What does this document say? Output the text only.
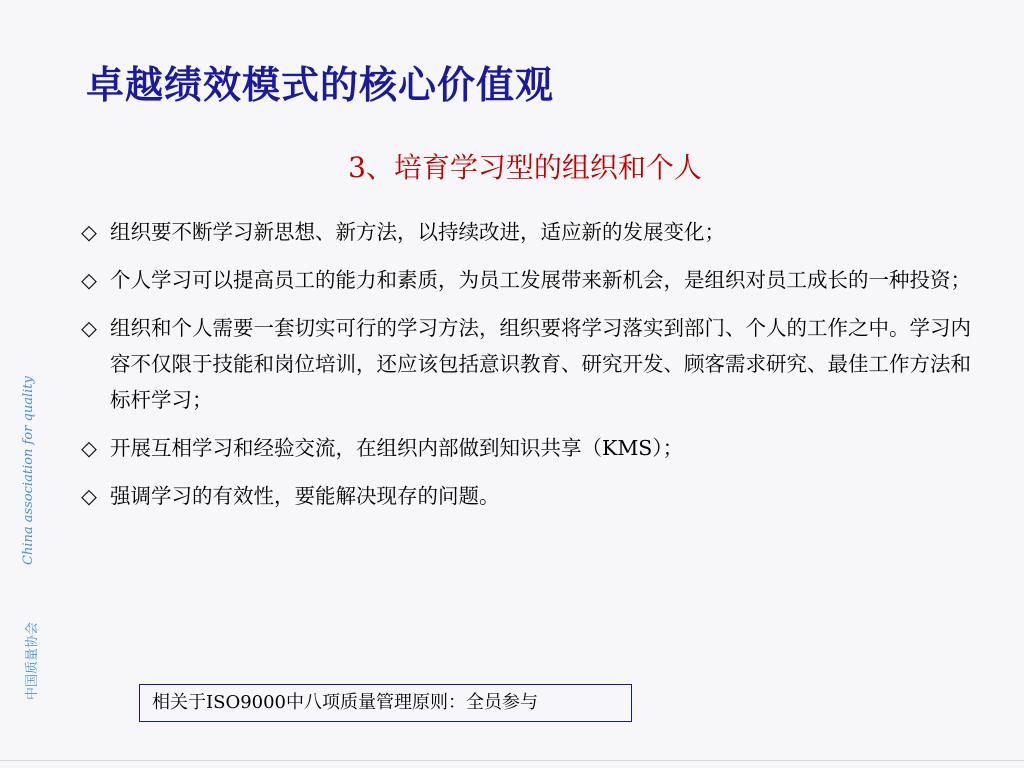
卓越绩效模式的核心价值观
3、培育学习型的组织和个人
◇ 组织要不断学习新思想、新方法，以持续改进，适应新的发展变化；
◇ 个人学习可以提高员工的能力和素质，为员工发展带来新机会，是组织对员工成长的一种投资；
◇ 组织和个人需要一套切实可行的学习方法，组织要将学习落实到部门、个人的工作之中。学习内容不仅限于技能和岗位培训，还应该包括意识教育、研究开发、顾客需求研究、最佳工作方法和标杆学习；
◇ 开展互相学习和经验交流，在组织内部做到知识共享（KMS）；
◇ 强调学习的有效性，要能解决现存的问题。
China association for quality
中国质量协会
相关于ISO9000中八项质量管理原则：全员参与
